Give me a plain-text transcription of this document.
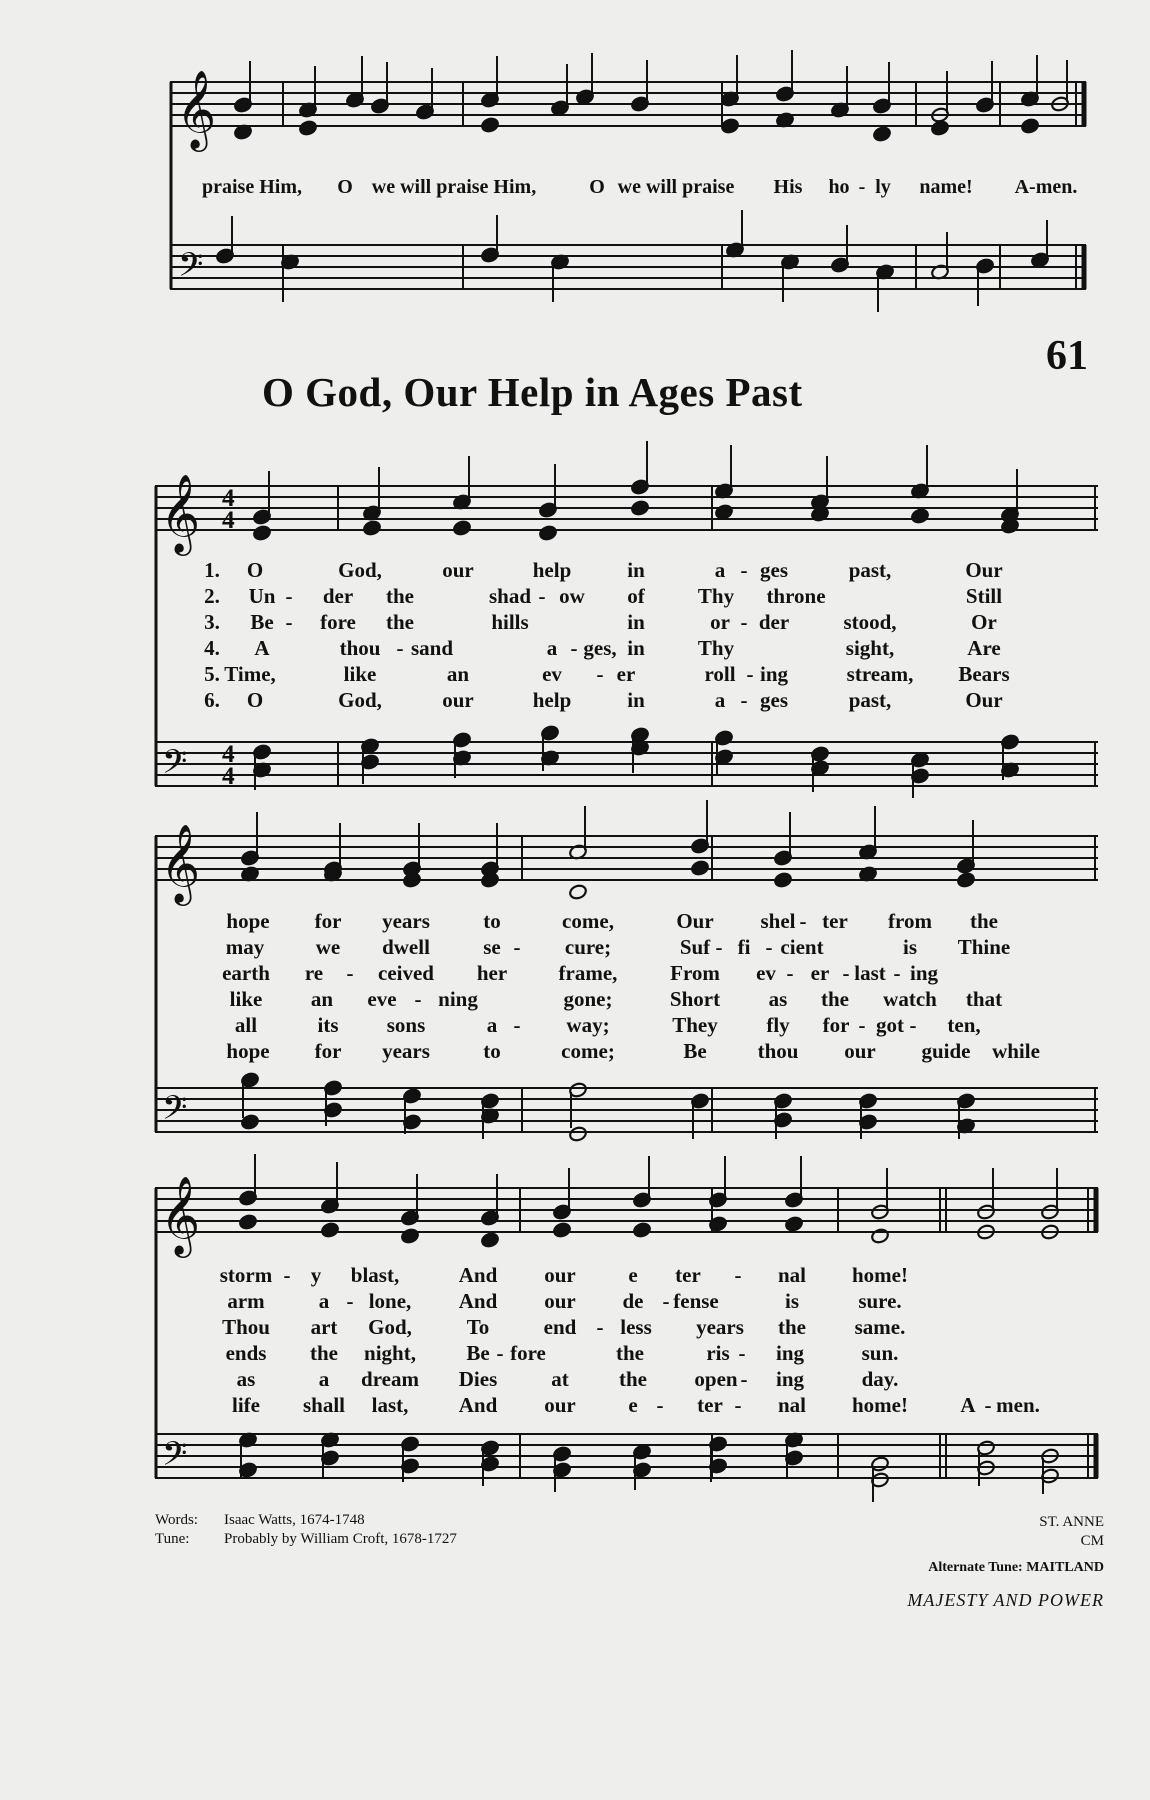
𝄞
𝄢
𝄞
𝄢
4
4
4
4
𝄞
𝄢
𝄞
𝄢
praise Him, O we will praise Him,	O we will praise His ho - ly name! A-men.
O God, Our Help in Ages Past
61
1. O	God,	our	help	in	a - ges	past,	Our
2. Un - der the	shad - ow of	Thy throne	Still
3. Be - fore the	hills	in	or - der	stood,	Or
4. A	thou - sand	a - ges, in	Thy	sight,	Are
5. Time,	like	an	ev - er	roll - ing	stream, Bears
6. O	God,	our	help	in	a - ges	past,	Our
hope for years	to	come,	Our shel - ter from the
may we dwell	se - cure;	Suf - fi - cient	is Thine
earth re - ceived her frame,	From ev - er - last - ing
like an eve - ning	gone;	Short as the watch that
all	its sons	a - way;	They fly for - got - ten,
hope for years	to	come;	Be thou our guide while
storm - y blast,	And our	e ter - nal home!
arm	a - lone, And our de - fense	is	sure.
Thou art God,	To	end - less years the same.
ends the night, Be - fore	the	ris - ing	sun.
as	a dream Dies	at the open - ing	day.
life shall last, And our	e - ter - nal home! A - men.
Words: Isaac Watts, 1674-1748
Tune: Probably by William Croft, 1678-1727
ST. ANNE
CM
Alternate Tune: MAITLAND
MAJESTY AND POWER
